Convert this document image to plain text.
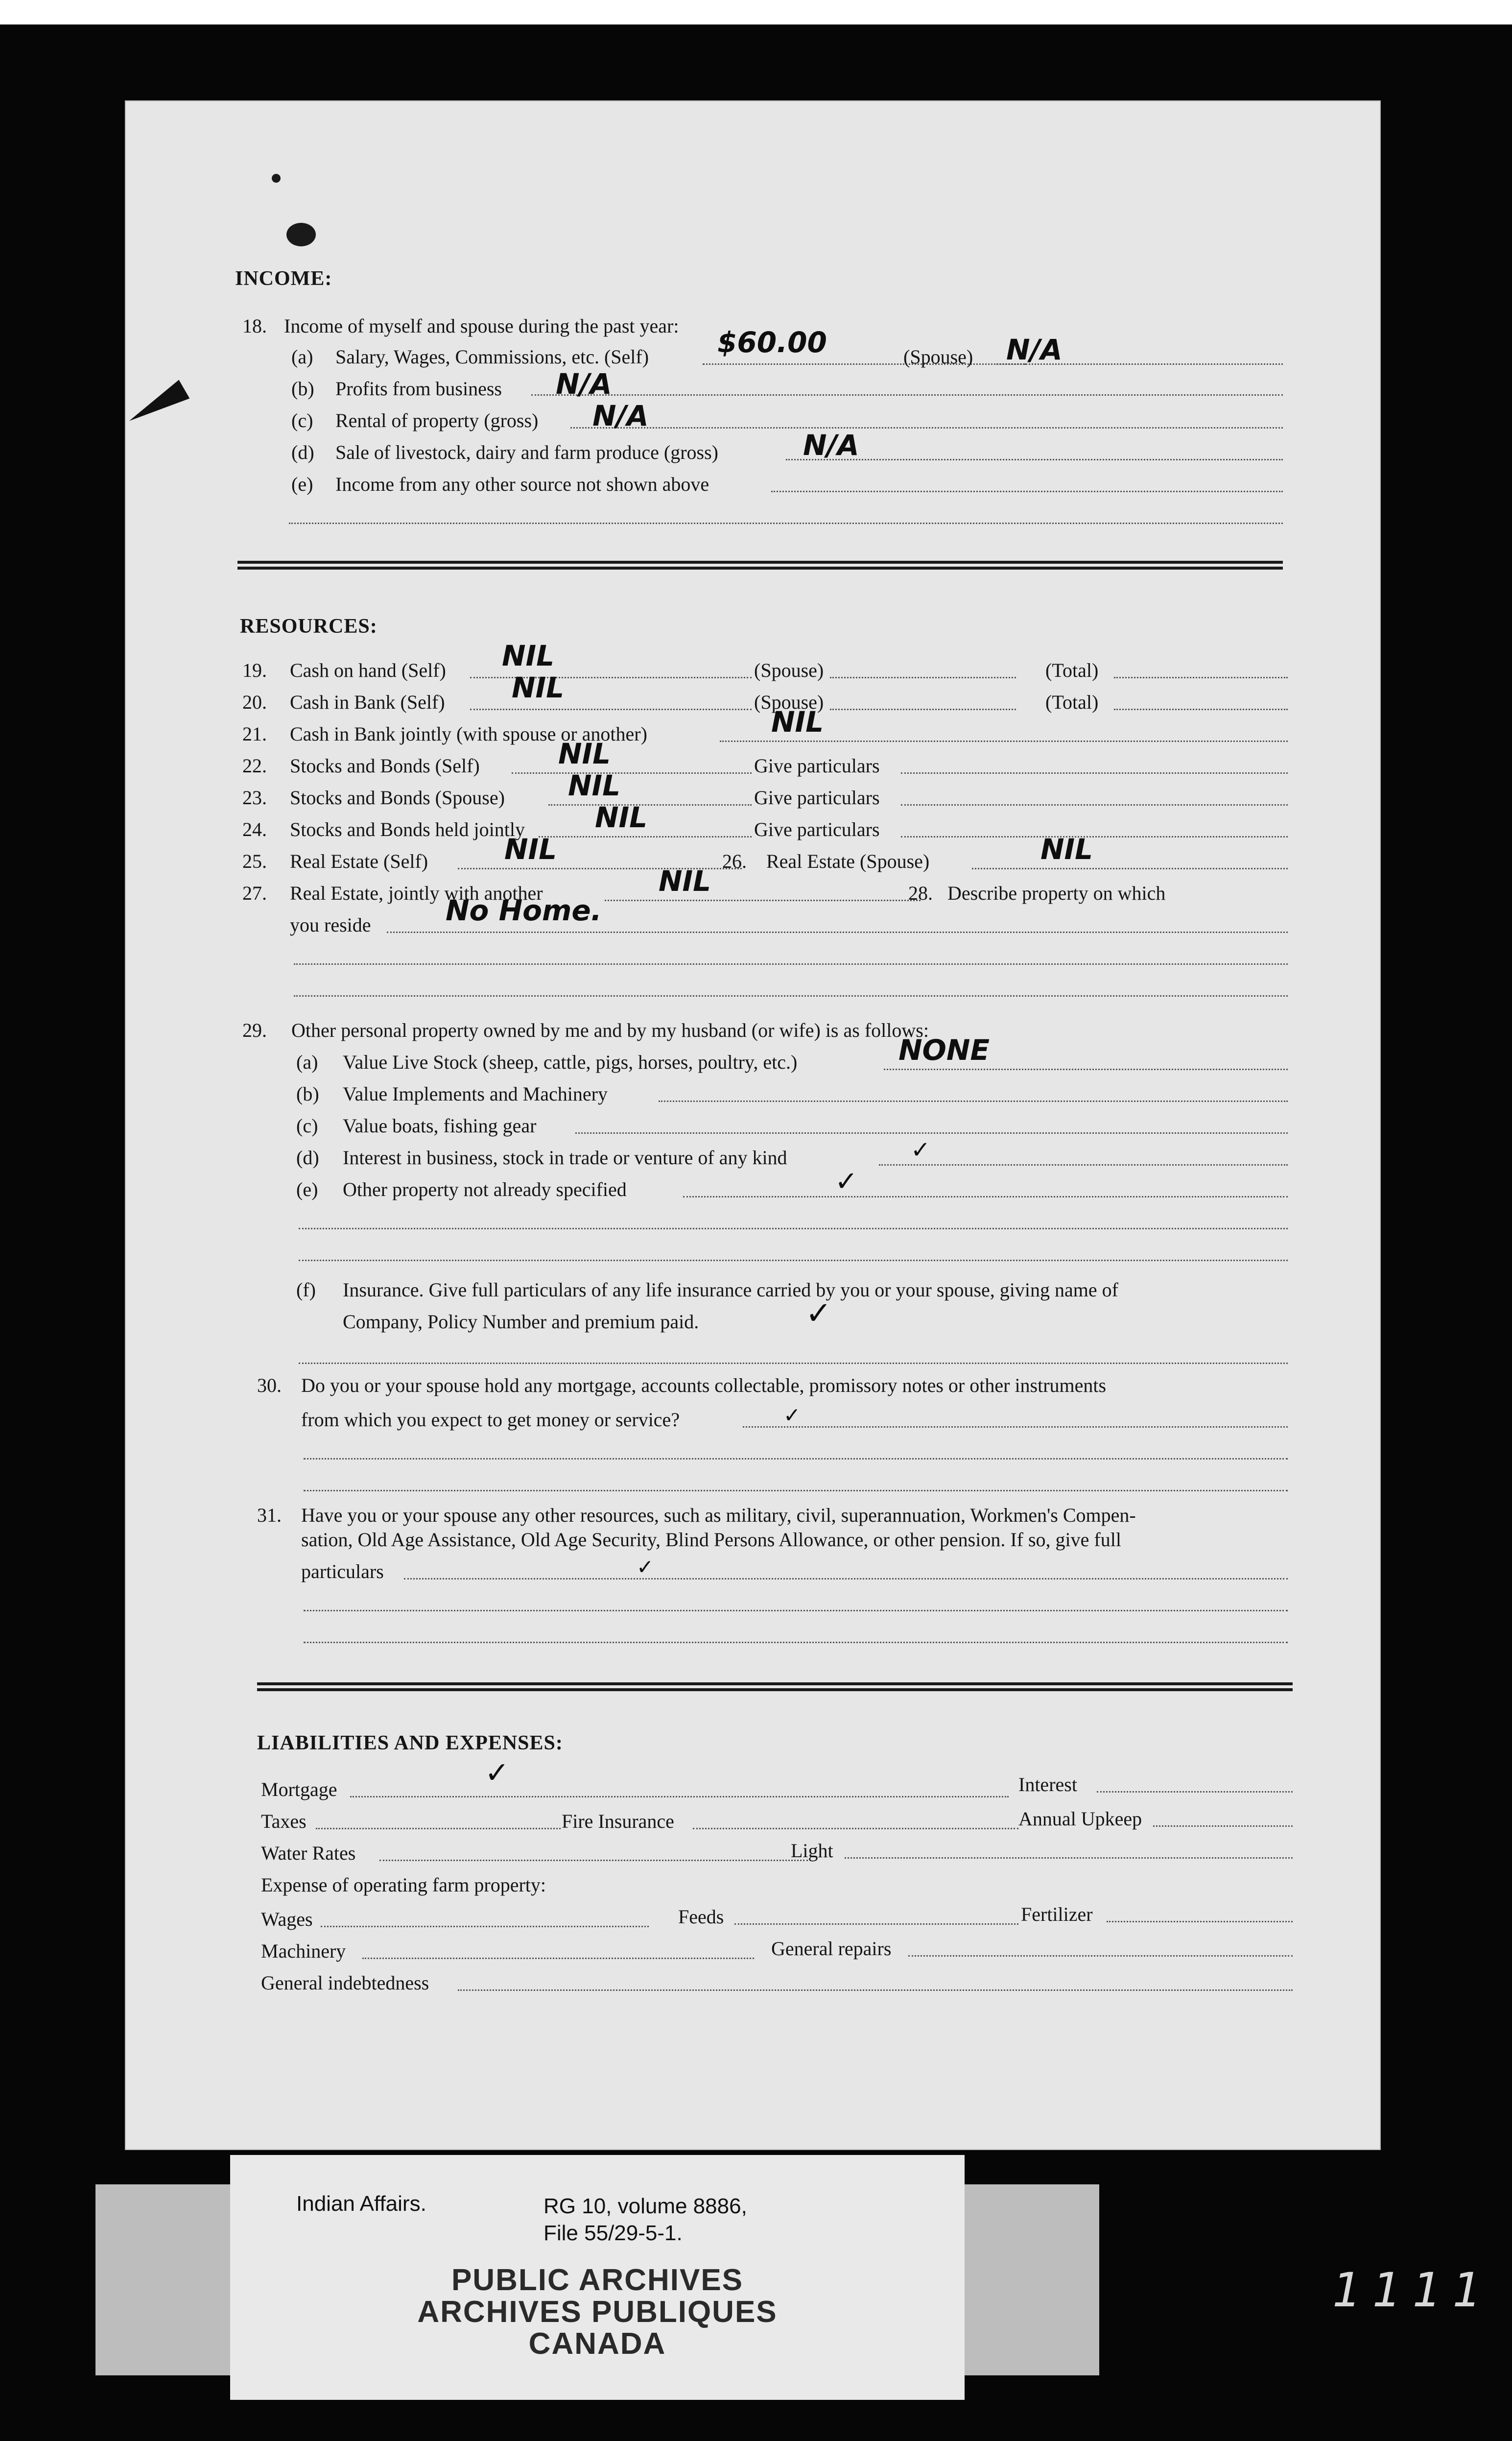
INCOME:
18. Income of myself and spouse during the past year:
(a) Salary, Wages, Commissions, etc. (Self) $60.00	(Spouse) N/A
(b) Profits from business N/A
(c) Rental of property (gross) N/A
(d) Sale of livestock, dairy and farm produce (gross)	N/A
(e) Income from any other source not shown above
RESOURCES:
19. Cash on hand (Self) NIL	(Spouse)	(Total)
20. Cash in Bank (Self) NIL	(Spouse)	(Total)
21. Cash in Bank jointly (with spouse or another)	NIL
22. Stocks and Bonds (Self)	NIL	Give particulars
23. Stocks and Bonds (Spouse) NIL	Give particulars
24. Stocks and Bonds held jointly NIL	Give particulars
25. Real Estate (Self)	NIL	26. Real Estate (Spouse)	NIL
27. Real Estate, jointly with another	NIL	28. Describe property on which
you reside	No Home.
29. Other personal property owned by me and by my husband (or wife) is as follows:
(a) Value Live Stock (sheep, cattle, pigs, horses, poultry, etc.)	NONE
(b) Value Implements and Machinery
(c) Value boats, fishing gear
(d) Interest in business, stock in trade or venture of any kind	✓
(e) Other property not already specified	✓
(f) Insurance. Give full particulars of any life insurance carried by you or your spouse, giving name of
Company, Policy Number and premium paid.	✓
30. Do you or your spouse hold any mortgage, accounts collectable, promissory notes or other instruments
from which you expect to get money or service?	✓
31. Have you or your spouse any other resources, such as military, civil, superannuation, Workmen's Compen-
sation, Old Age Assistance, Old Age Security, Blind Persons Allowance, or other pension. If so, give full
particulars	✓
LIABILITIES AND EXPENSES:
Mortgage	✓	Interest
Taxes	Fire Insurance	Annual Upkeep
Water Rates	Light
Expense of operating farm property:
Wages	Feeds	Fertilizer
Machinery	General repairs
General indebtedness
Indian Affairs.	RG 10, volume 8886,
File 55/29-5-1.
PUBLIC ARCHIVES
ARCHIVES PUBLIQUES
CANADA
1111
